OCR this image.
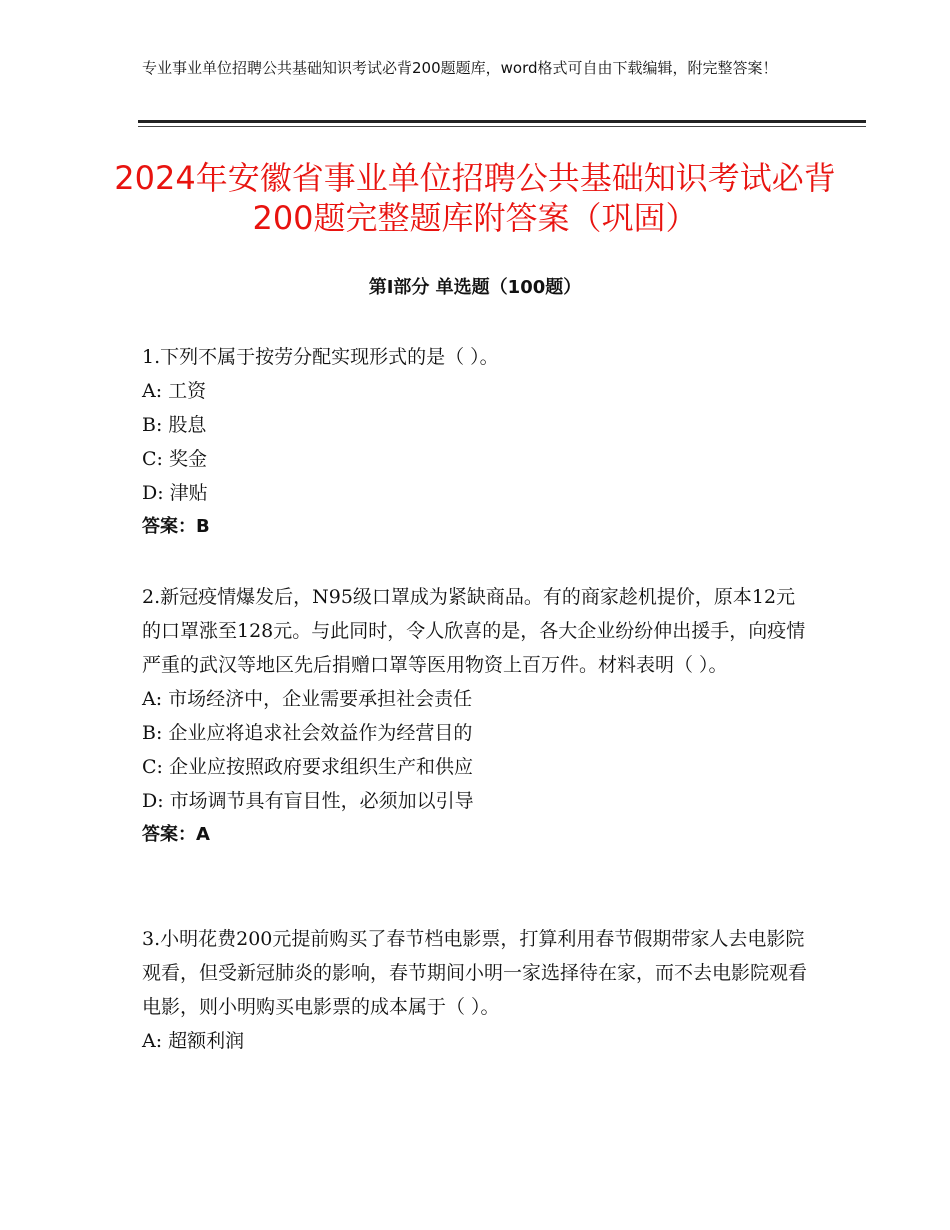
专业事业单位招聘公共基础知识考试必背200题题库，word格式可自由下载编辑，附完整答案！
2024年安徽省事业单位招聘公共基础知识考试必背200题完整题库附答案（巩固）
第I部分 单选题（100题）

1.下列不属于按劳分配实现形式的是（ ）。

A: 工资

B: 股息

C: 奖金

D: 津贴

答案：B

2.新冠疫情爆发后，N95级口罩成为紧缺商品。有的商家趁机提价，原本12元的口罩涨至128元。与此同时，令人欣喜的是，各大企业纷纷伸出援手，向疫情严重的武汉等地区先后捐赠口罩等医用物资上百万件。材料表明（ ）。

A: 市场经济中，企业需要承担社会责任

B: 企业应将追求社会效益作为经营目的

C: 企业应按照政府要求组织生产和供应

D: 市场调节具有盲目性，必须加以引导

答案：A

3.小明花费200元提前购买了春节档电影票，打算利用春节假期带家人去电影院观看，但受新冠肺炎的影响，春节期间小明一家选择待在家，而不去电影院观看电影，则小明购买电影票的成本属于（ ）。

A: 超额利润
